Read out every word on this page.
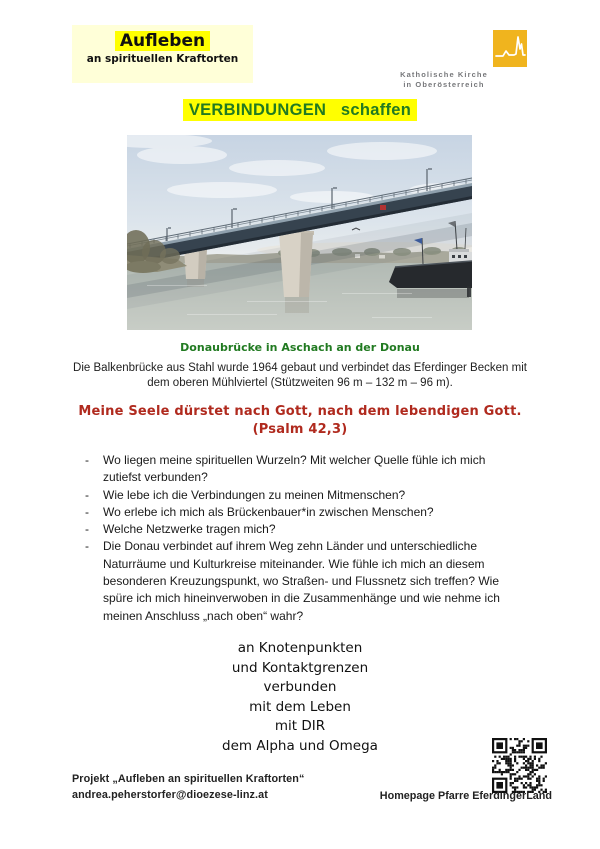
Aufleben
an spirituellen Kraftorten
Katholische Kirche
in Oberösterreich
VERBINDUNGEN   schaffen
Donaubrücke in Aschach an der Donau
Die Balkenbrücke aus Stahl wurde 1964 gebaut und verbindet das Eferdinger Becken mit dem oberen Mühlviertel (Stützweiten 96 m – 132 m – 96 m).
Meine Seele dürstet nach Gott, nach dem lebendigen Gott.
(Psalm 42,3)
-
Wo liegen meine spirituellen Wurzeln? Mit welcher Quelle fühle ich mich zutiefst verbunden?
-
Wie lebe ich die Verbindungen zu meinen Mitmenschen?
-
Wo erlebe ich mich als Brückenbauer*in zwischen Menschen?
-
Welche Netzwerke tragen mich?
-
Die Donau verbindet auf ihrem Weg zehn Länder und unterschiedliche Naturräume und Kulturkreise miteinander. Wie fühle ich mich an diesem besonderen Kreuzungspunkt, wo Straßen- und Flussnetz sich treffen? Wie spüre ich mich hineinverwoben in die Zusammenhänge und wie nehme ich meinen Anschluss „nach oben“ wahr?
an Knotenpunkten
und Kontaktgrenzen
verbunden
mit dem Leben
mit DIR
dem Alpha und Omega
Projekt „Aufleben an spirituellen Kraftorten“
andrea.peherstorfer@dioezese-linz.at	Homepage Pfarre EferdingerLand
